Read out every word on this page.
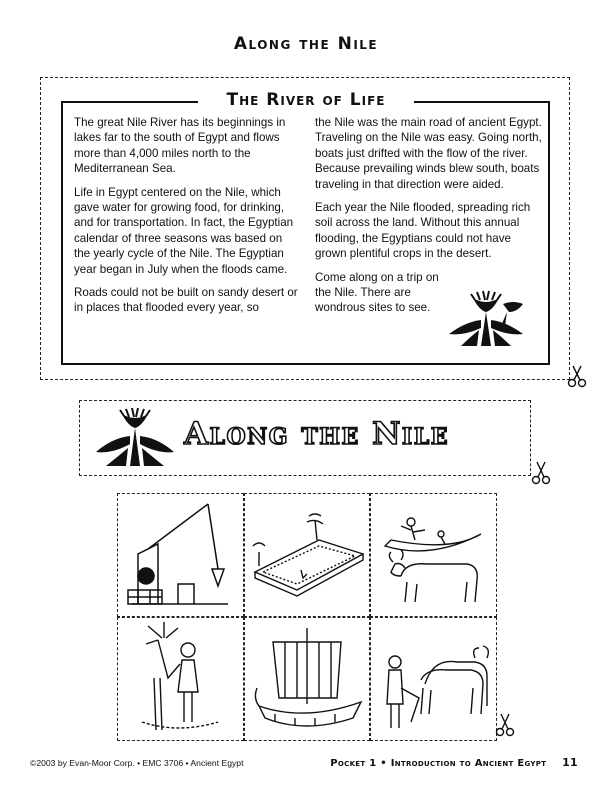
Along the Nile
The River of Life

The great Nile River has its beginnings in lakes far to the south of Egypt and flows more than 4,000 miles north to the Mediterranean Sea.

Life in Egypt centered on the Nile, which gave water for growing food, for drinking, and for transportation. In fact, the Egyptian calendar of three seasons was based on the yearly cycle of the Nile. The Egyptian year began in July when the floods came.

Roads could not be built on sandy desert or in places that flooded every year, so

the Nile was the main road of ancient Egypt. Traveling on the Nile was easy. Going north, boats just drifted with the flow of the river. Because prevailing winds blew south, boats traveling in that direction were aided.

Each year the Nile flooded, spreading rich soil across the land. Without this annual flooding, the Egyptians could not have grown plentiful crops in the desert.

Come along on a trip on the Nile. There are wondrous sites to see.

Along the Nile
©2003 by Evan-Moor Corp. • EMC 3706 • Ancient Egypt	Pocket 1 • Introduction to Ancient Egypt 11
